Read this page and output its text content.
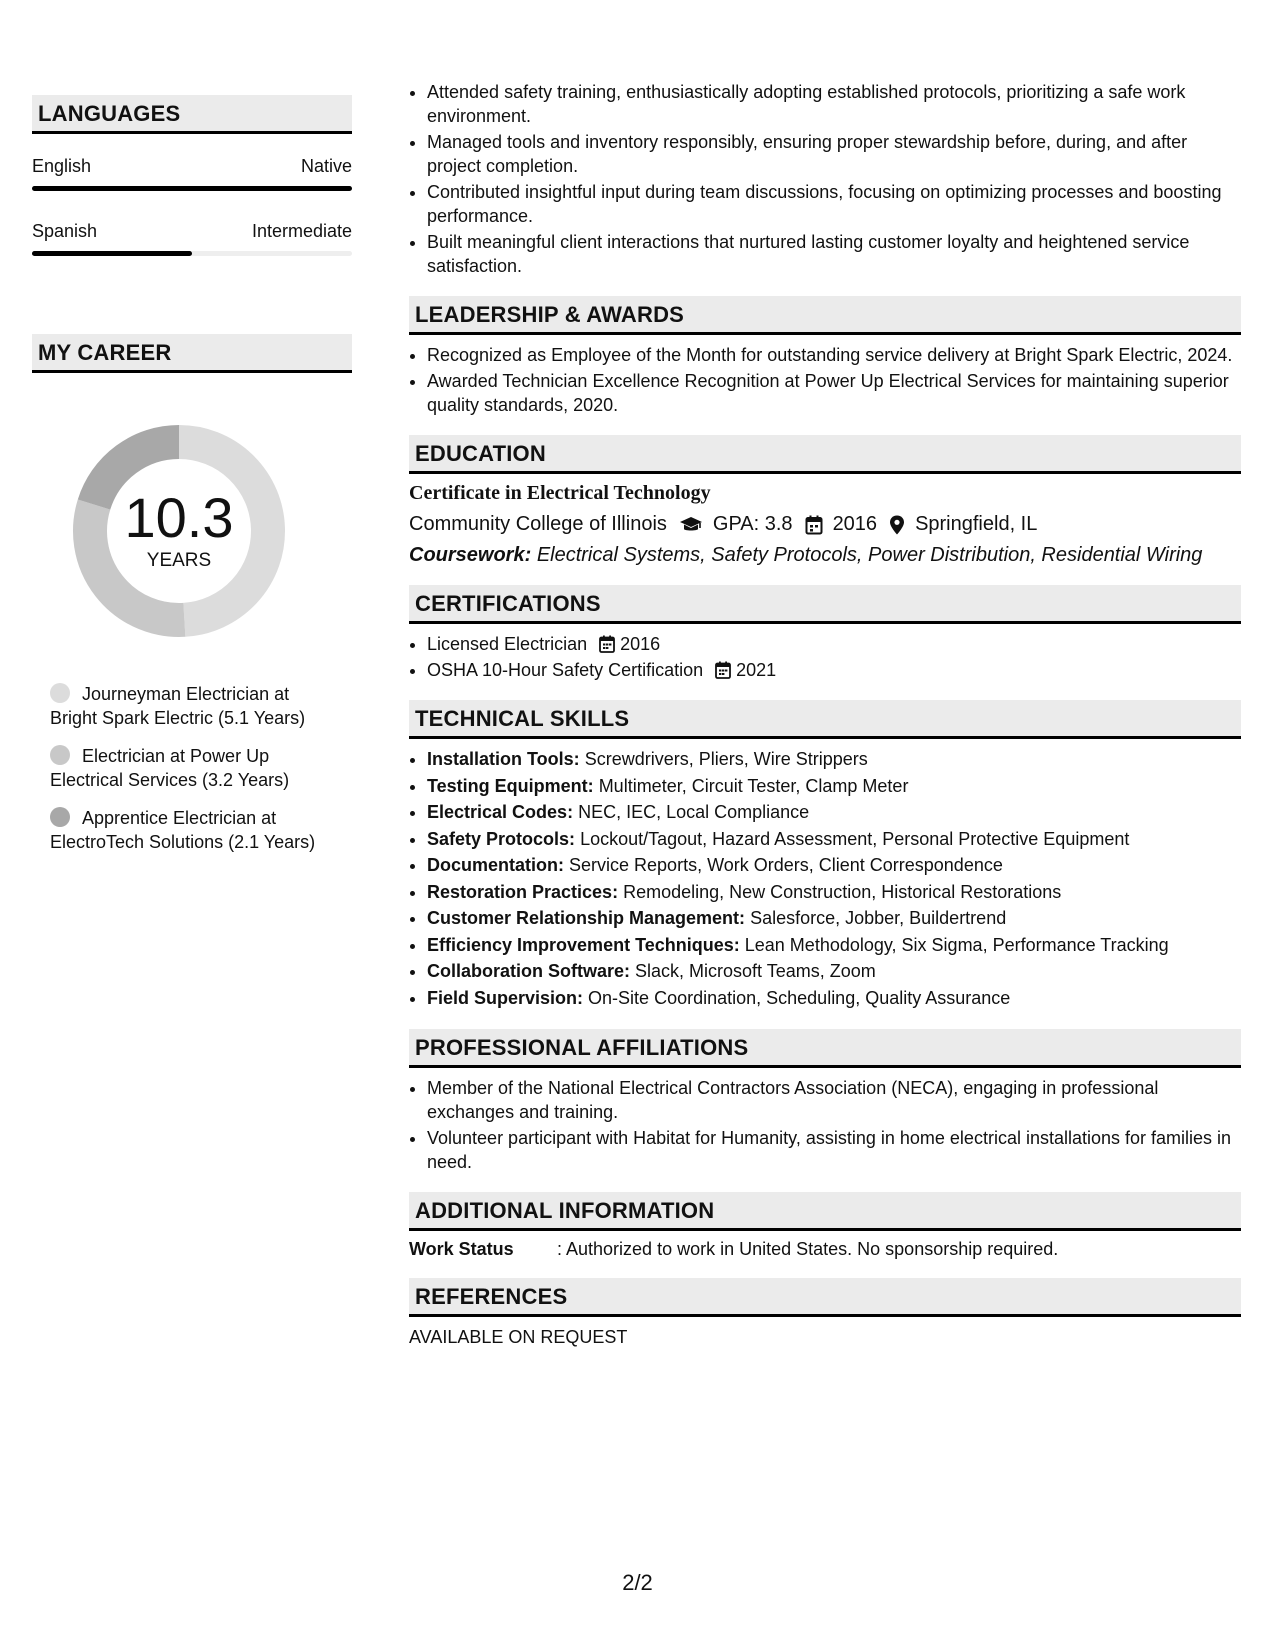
LANGUAGES
English	Native
Spanish	Intermediate
MY CAREER
10.3
YEARS
Journeyman Electrician at Bright Spark Electric (5.1 Years)
Electrician at Power Up Electrical Services (3.2 Years)
Apprentice Electrician at ElectroTech Solutions (2.1 Years)
• Attended safety training, enthusiastically adopting established protocols, prioritizing a safe work environment.
• Managed tools and inventory responsibly, ensuring proper stewardship before, during, and after project completion.
• Contributed insightful input during team discussions, focusing on optimizing processes and boosting performance.
• Built meaningful client interactions that nurtured lasting customer loyalty and heightened service satisfaction.
LEADERSHIP & AWARDS
• Recognized as Employee of the Month for outstanding service delivery at Bright Spark Electric, 2024.
• Awarded Technician Excellence Recognition at Power Up Electrical Services for maintaining superior quality standards, 2020.
EDUCATION
Certificate in Electrical Technology
Community College of Illinois GPA: 3.8 2016 Springfield, IL
Coursework: Electrical Systems, Safety Protocols, Power Distribution, Residential Wiring
CERTIFICATIONS
• Licensed Electrician 2016
• OSHA 10-Hour Safety Certification 2021
TECHNICAL SKILLS
• Installation Tools: Screwdrivers, Pliers, Wire Strippers
• Testing Equipment: Multimeter, Circuit Tester, Clamp Meter
• Electrical Codes: NEC, IEC, Local Compliance
• Safety Protocols: Lockout/Tagout, Hazard Assessment, Personal Protective Equipment
• Documentation: Service Reports, Work Orders, Client Correspondence
• Restoration Practices: Remodeling, New Construction, Historical Restorations
• Customer Relationship Management: Salesforce, Jobber, Buildertrend
• Efficiency Improvement Techniques: Lean Methodology, Six Sigma, Performance Tracking
• Collaboration Software: Slack, Microsoft Teams, Zoom
• Field Supervision: On-Site Coordination, Scheduling, Quality Assurance
PROFESSIONAL AFFILIATIONS
• Member of the National Electrical Contractors Association (NECA), engaging in professional exchanges and training.
• Volunteer participant with Habitat for Humanity, assisting in home electrical installations for families in need.
ADDITIONAL INFORMATION
Work Status	: Authorized to work in United States. No sponsorship required.
REFERENCES
AVAILABLE ON REQUEST
2/2
